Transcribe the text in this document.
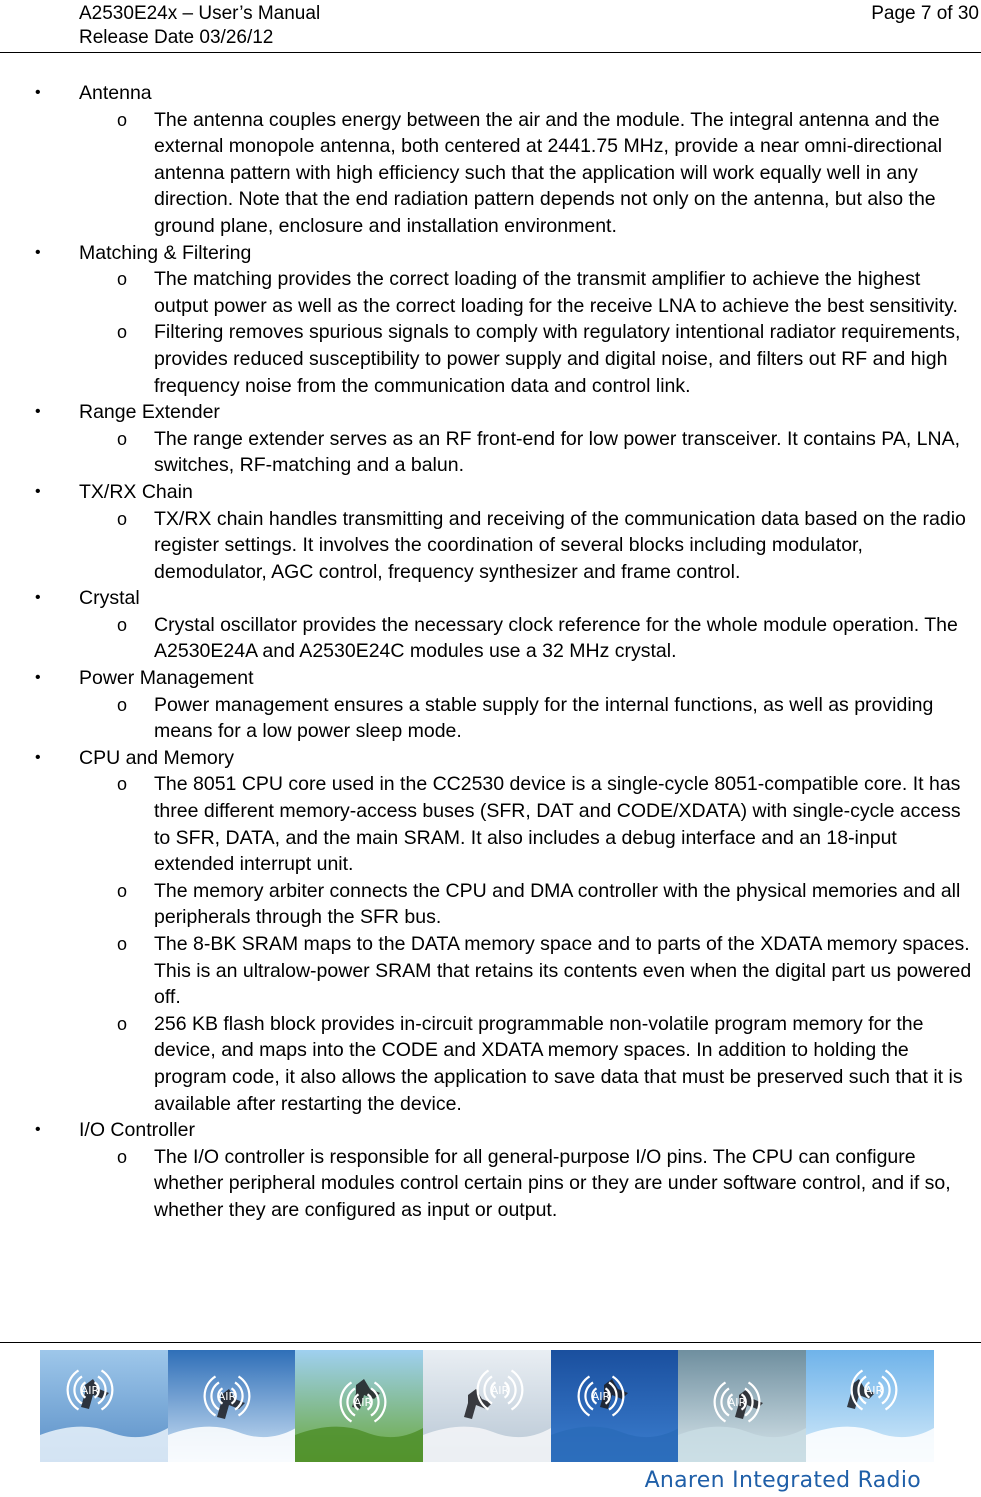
A2530E24x – User’s Manual
Release Date 03/26/12
Page 7 of 30
• Antenna
o The antenna couples energy between the air and the module. The integral antenna and the external monopole antenna, both centered at 2441.75 MHz, provide a near omni-directional antenna pattern with high efficiency such that the application will work equally well in any direction. Note that the end radiation pattern depends not only on the antenna, but also the ground plane, enclosure and installation environment.
• Matching & Filtering
o The matching provides the correct loading of the transmit amplifier to achieve the highest output power as well as the correct loading for the receive LNA to achieve the best sensitivity.
o Filtering removes spurious signals to comply with regulatory intentional radiator requirements, provides reduced susceptibility to power supply and digital noise, and filters out RF and high frequency noise from the communication data and control link.
• Range Extender
o The range extender serves as an RF front-end for low power transceiver. It contains PA, LNA, switches, RF-matching and a balun.
• TX/RX Chain
o TX/RX chain handles transmitting and receiving of the communication data based on the radio register settings. It involves the coordination of several blocks including modulator, demodulator, AGC control, frequency synthesizer and frame control.
• Crystal
o Crystal oscillator provides the necessary clock reference for the whole module operation. The A2530E24A and A2530E24C modules use a 32 MHz crystal.
• Power Management
o Power management ensures a stable supply for the internal functions, as well as providing means for a low power sleep mode.
• CPU and Memory
o The 8051 CPU core used in the CC2530 device is a single-cycle 8051-compatible core. It has three different memory-access buses (SFR, DAT and CODE/XDATA) with single-cycle access to SFR, DATA, and the main SRAM. It also includes a debug interface and an 18-input extended interrupt unit.
o The memory arbiter connects the CPU and DMA controller with the physical memories and all peripherals through the SFR bus.
o The 8-BK SRAM maps to the DATA memory space and to parts of the XDATA memory spaces. This is an ultralow-power SRAM that retains its contents even when the digital part us powered off.
o 256 KB flash block provides in-circuit programmable non-volatile program memory for the device, and maps into the CODE and XDATA memory spaces. In addition to holding the program code, it also allows the application to save data that must be preserved such that it is available after restarting the device.
• I/O Controller
o The I/O controller is responsible for all general-purpose I/O pins. The CPU can configure whether peripheral modules control certain pins or they are under software control, and if so, whether they are configured as input or output.
AIR	AIR	AIR
AIR	AIR	AIR
AIR
Anaren Integrated Radio
